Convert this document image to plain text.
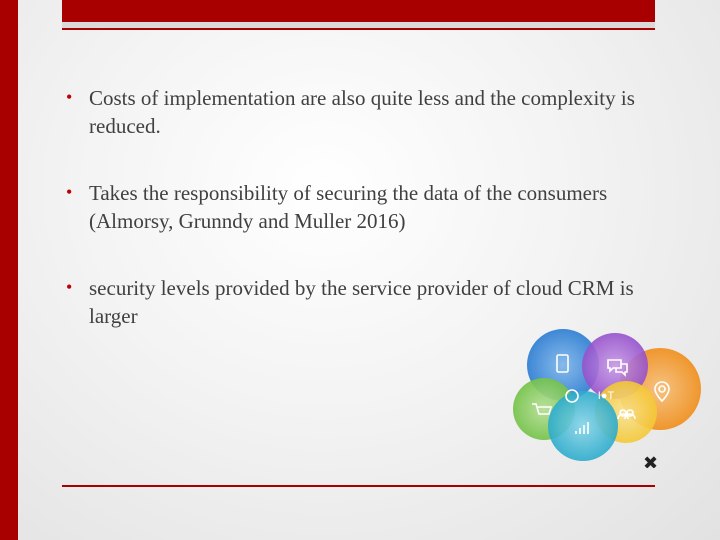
• Costs of implementation are also quite less and the complexity is reduced.
• Takes the responsibility of securing the data of the consumers (Almorsy, Grunndy and Muller 2016)
• security levels provided by the service provider of cloud CRM is larger
I●T
✖
